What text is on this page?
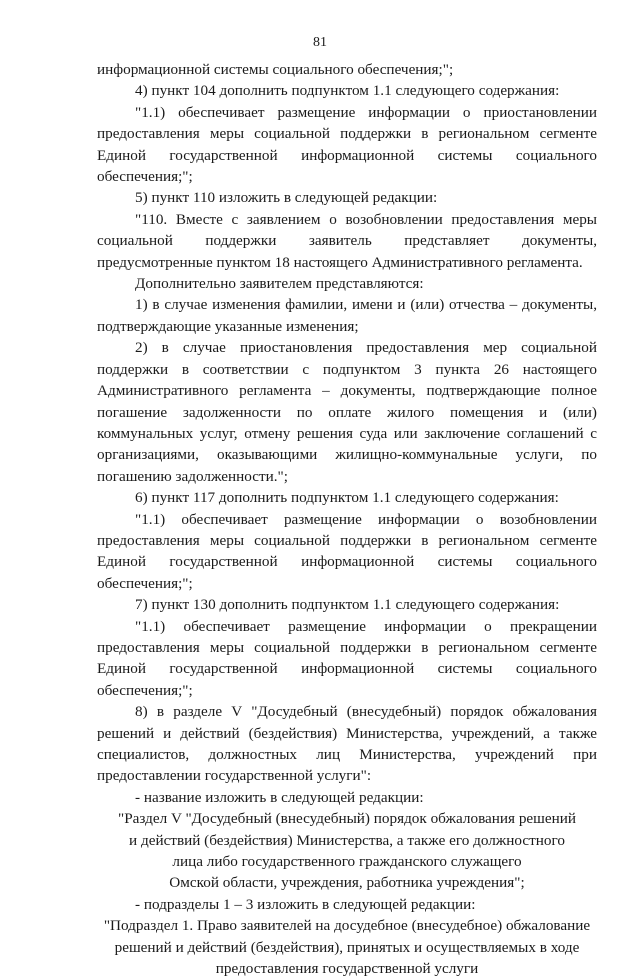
81

информационной системы социального обеспечения;";

4) пункт 104 дополнить подпунктом 1.1 следующего содержания:

"1.1) обеспечивает размещение информации о приостановлении предоставления меры социальной поддержки в региональном сегменте Единой государственной информационной системы социального обеспечения;";

5) пункт 110 изложить в следующей редакции:

"110. Вместе с заявлением о возобновлении предоставления меры социальной поддержки заявитель представляет документы, предусмотренные пунктом 18 настоящего Административного регламента.

Дополнительно заявителем представляются:

1) в случае изменения фамилии, имени и (или) отчества – документы, подтверждающие указанные изменения;

2) в случае приостановления предоставления мер социальной поддержки в соответствии с подпунктом 3 пункта 26 настоящего Административного регламента – документы, подтверждающие полное погашение задолженности по оплате жилого помещения и (или) коммунальных услуг, отмену решения суда или заключение соглашений с организациями, оказывающими жилищно-коммунальные услуги, по погашению задолженности.";

6) пункт 117 дополнить подпунктом 1.1 следующего содержания:

"1.1) обеспечивает размещение информации о возобновлении предоставления меры социальной поддержки в региональном сегменте Единой государственной информационной системы социального обеспечения;";

7) пункт 130 дополнить подпунктом 1.1 следующего содержания:

"1.1) обеспечивает размещение информации о прекращении предоставления меры социальной поддержки в региональном сегменте Единой государственной информационной системы социального обеспечения;";

8) в разделе V "Досудебный (внесудебный) порядок обжалования решений и действий (бездействия) Министерства, учреждений, а также специалистов, должностных лиц Министерства, учреждений при предоставлении государственной услуги":

- название изложить в следующей редакции:

"Раздел V "Досудебный (внесудебный) порядок обжалования решений

и действий (бездействия) Министерства, а также его должностного

лица либо государственного гражданского служащего

Омской области, учреждения, работника учреждения";

- подразделы 1 – 3 изложить в следующей редакции:

"Подраздел 1. Право заявителей на досудебное (внесудебное) обжалование

решений и действий (бездействия), принятых и осуществляемых в ходе

предоставления государственной услуги
